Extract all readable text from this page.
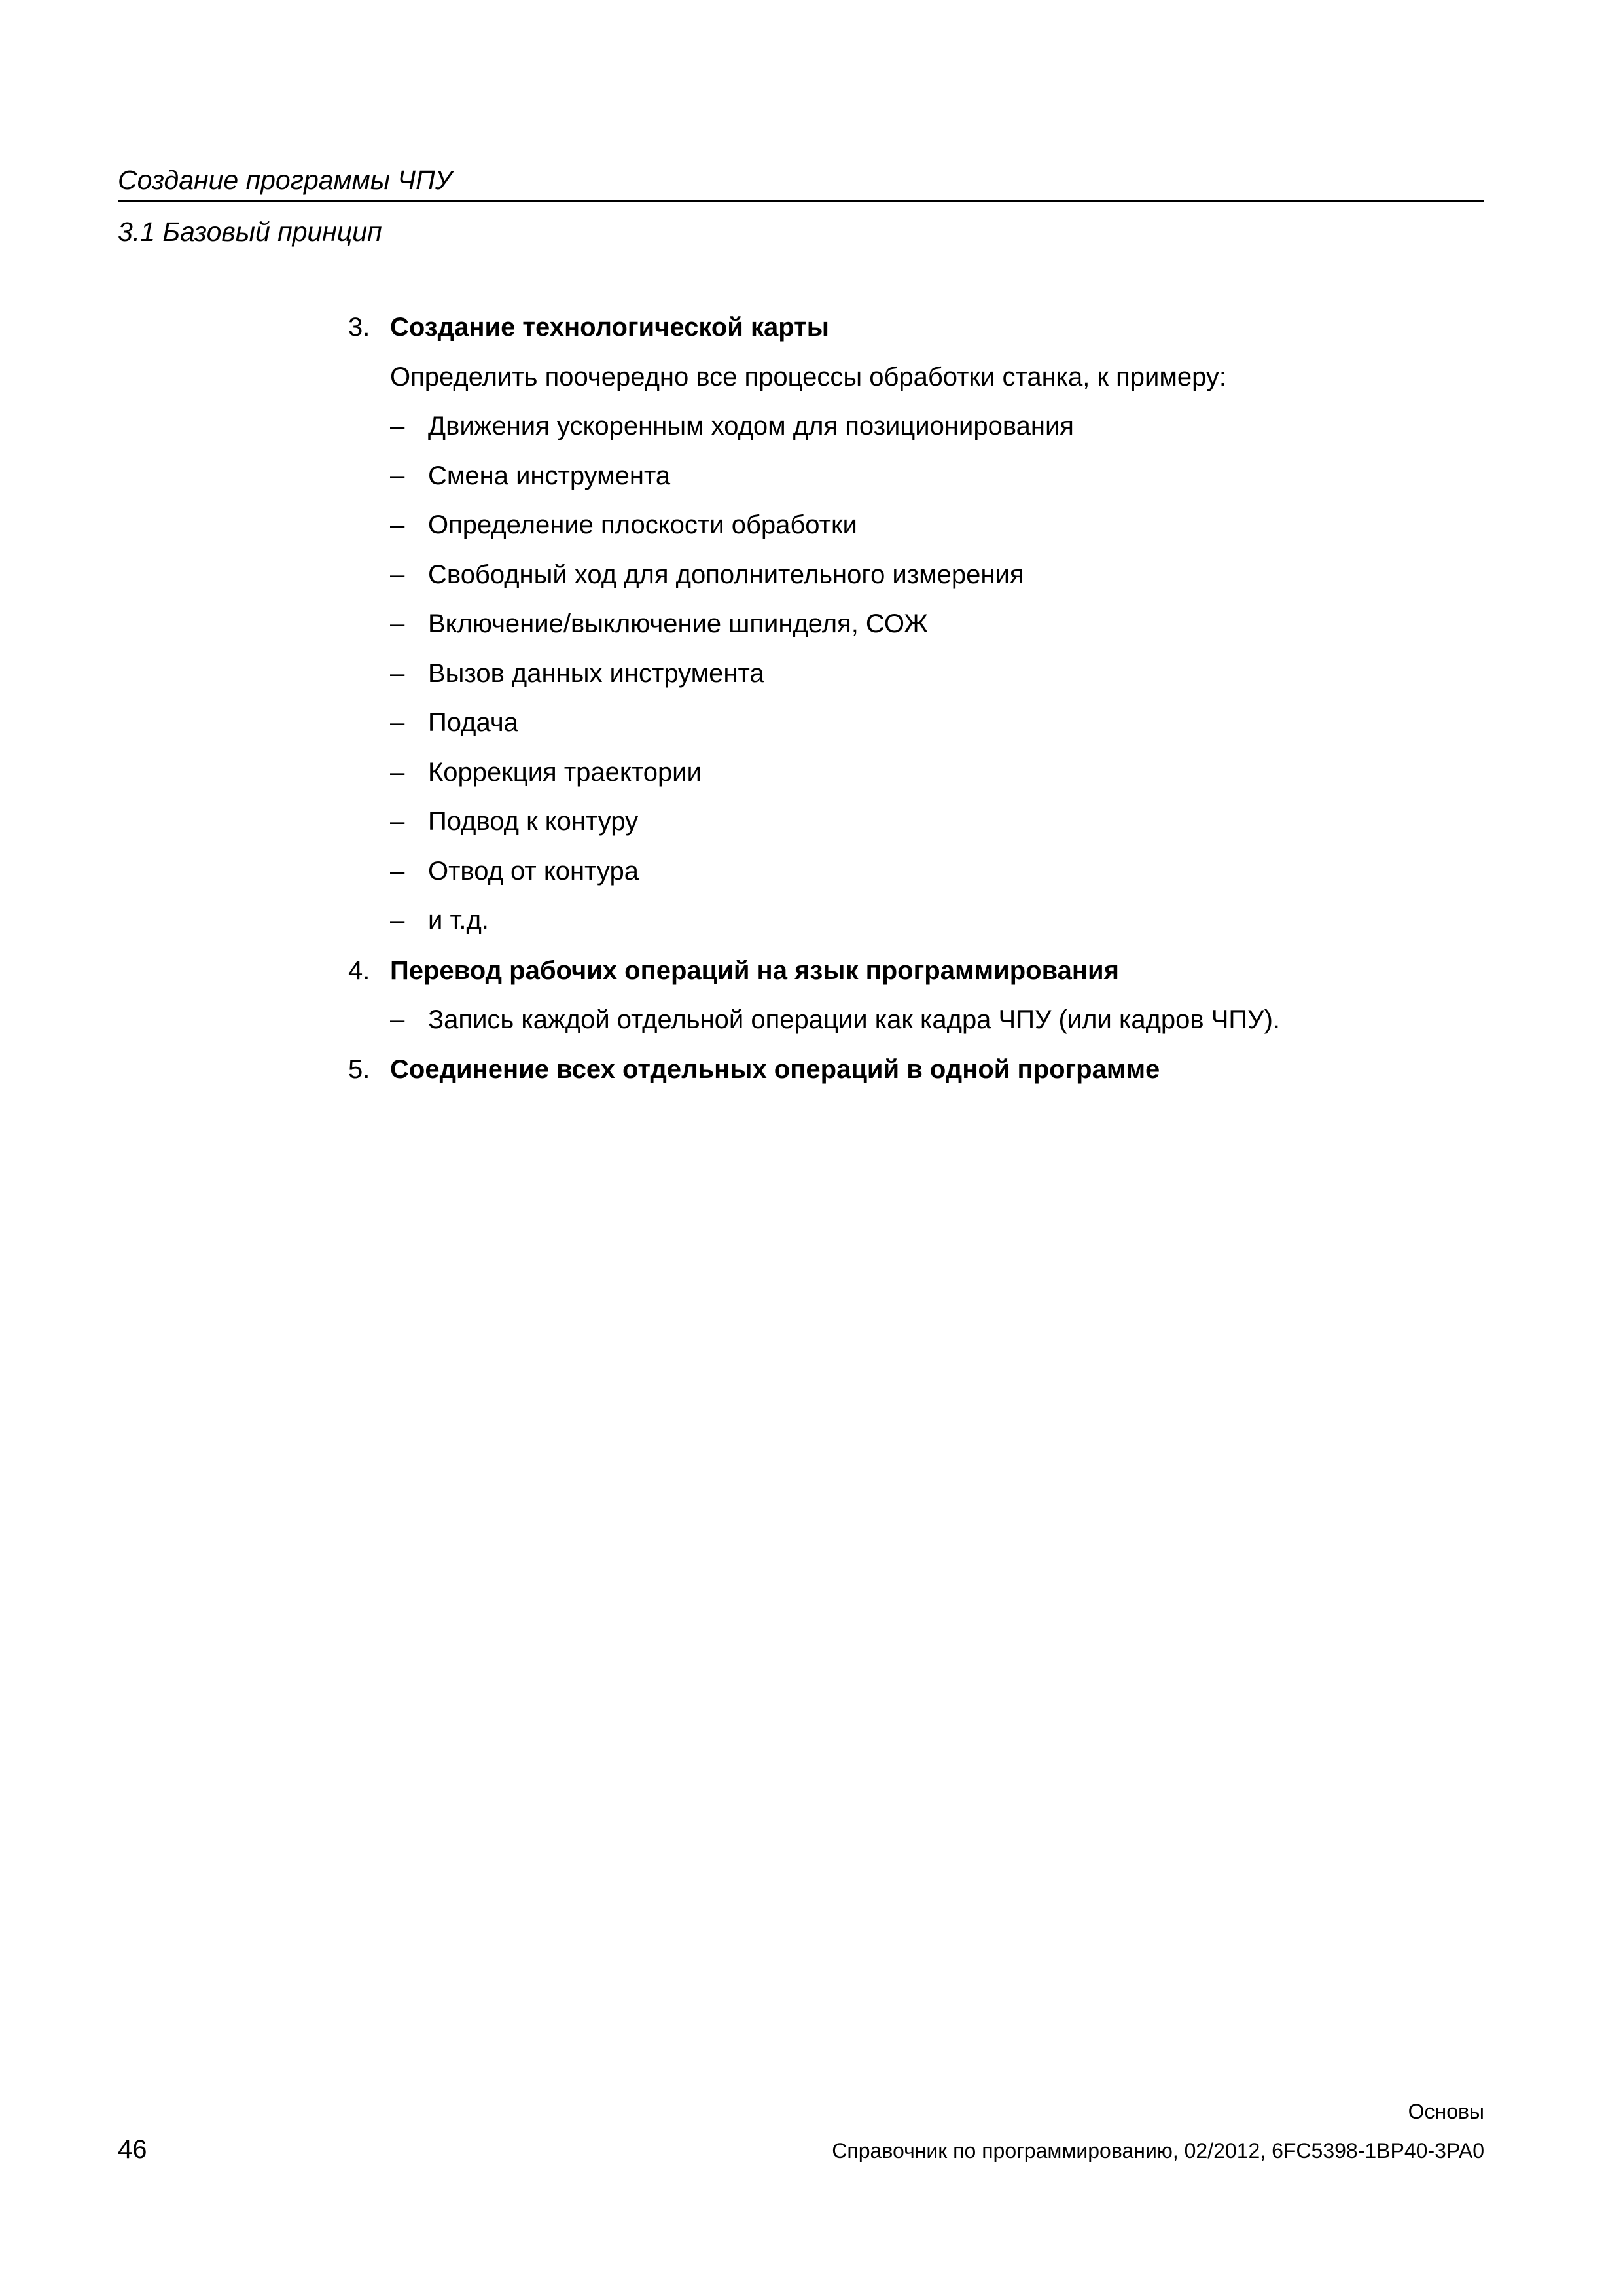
Создание программы ЧПУ
3.1 Базовый принцип
3. Создание технологической карты
Определить поочередно все процессы обработки станка, к примеру:
– Движения ускоренным ходом для позиционирования
– Смена инструмента
– Определение плоскости обработки
– Свободный ход для дополнительного измерения
– Включение/выключение шпинделя, СОЖ
– Вызов данных инструмента
– Подача
– Коррекция траектории
– Подвод к контуру
– Отвод от контура
– и т.д.
4. Перевод рабочих операций на язык программирования
– Запись каждой отдельной операции как кадра ЧПУ (или кадров ЧПУ).
5. Соединение всех отдельных операций в одной программе
Основы
46	Справочник по программированию, 02/2012, 6FC5398-1BP40-3PA0
